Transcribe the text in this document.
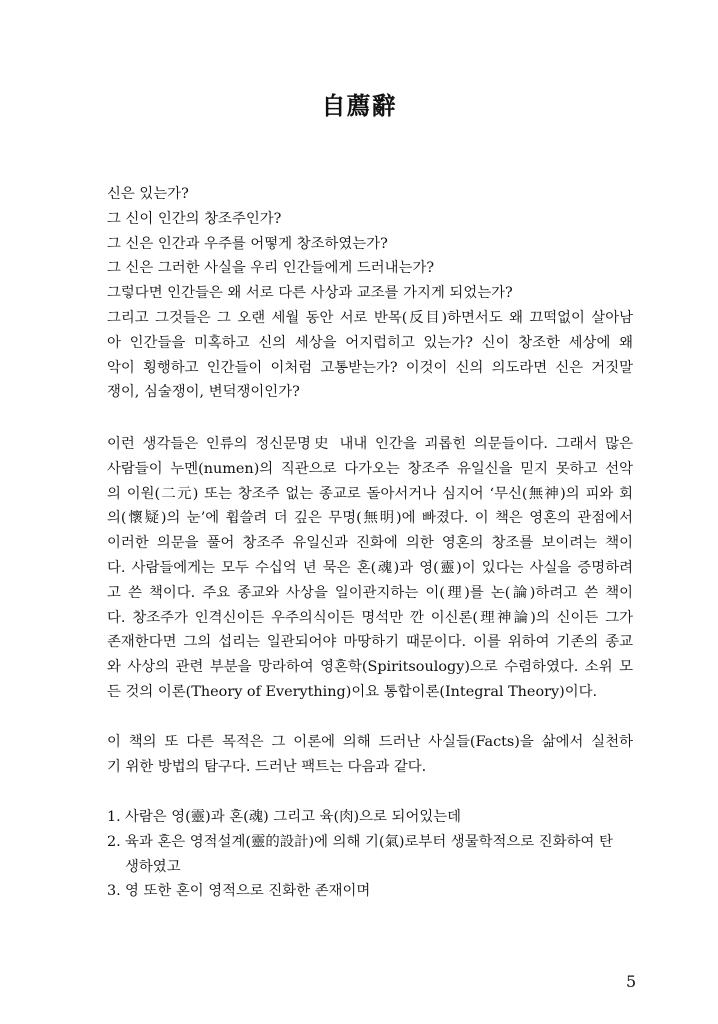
自薦辭
신은 있는가?
그 신이 인간의 창조주인가?
그 신은 인간과 우주를 어떻게 창조하였는가?
그 신은 그러한 사실을 우리 인간들에게 드러내는가?
그렇다면 인간들은 왜 서로 다른 사상과 교조를 가지게 되었는가?
그리고 그것들은 그 오랜 세월 동안 서로 반목(反目)하면서도 왜 끄떡없이 살아남
아 인간들을 미혹하고 신의 세상을 어지럽히고 있는가? 신이 창조한 세상에 왜
악이 횡행하고 인간들이 이처럼 고통받는가? 이것이 신의 의도라면 신은 거짓말
쟁이, 심술쟁이, 변덕쟁이인가?
이런 생각들은 인류의 정신문명史 내내 인간을 괴롭힌 의문들이다. 그래서 많은
사람들이 누멘(numen)의 직관으로 다가오는 창조주 유일신을 믿지 못하고 선악
의 이원(二元) 또는 창조주 없는 종교로 돌아서거나 심지어 ‘무신(無神)의 피와 회
의(懷疑)의 눈’에 휩쓸려 더 깊은 무명(無明)에 빠졌다. 이 책은 영혼의 관점에서
이러한 의문을 풀어 창조주 유일신과 진화에 의한 영혼의 창조를 보이려는 책이
다. 사람들에게는 모두 수십억 년 묵은 혼(魂)과 영(靈)이 있다는 사실을 증명하려
고 쓴 책이다. 주요 종교와 사상을 일이관지하는 이(理)를 논(論)하려고 쓴 책이
다. 창조주가 인격신이든 우주의식이든 명석만 깐 이신론(理神論)의 신이든 그가
존재한다면 그의 섭리는 일관되어야 마땅하기 때문이다. 이를 위하여 기존의 종교
와 사상의 관련 부분을 망라하여 영혼학(Spiritsoulogy)으로 수렴하였다. 소위 모
든 것의 이론(Theory of Everything)이요 통합이론(Integral Theory)이다.
이 책의 또 다른 목적은 그 이론에 의해 드러난 사실들(Facts)을 삶에서 실천하
기 위한 방법의 탐구다. 드러난 팩트는 다음과 같다.
1. 사람은 영(靈)과 혼(魂) 그리고 육(肉)으로 되어있는데
2. 육과 혼은 영적설계(靈的設計)에 의해 기(氣)로부터 생물학적으로 진화하여 탄
생하였고
3. 영 또한 혼이 영적으로 진화한 존재이며
5
